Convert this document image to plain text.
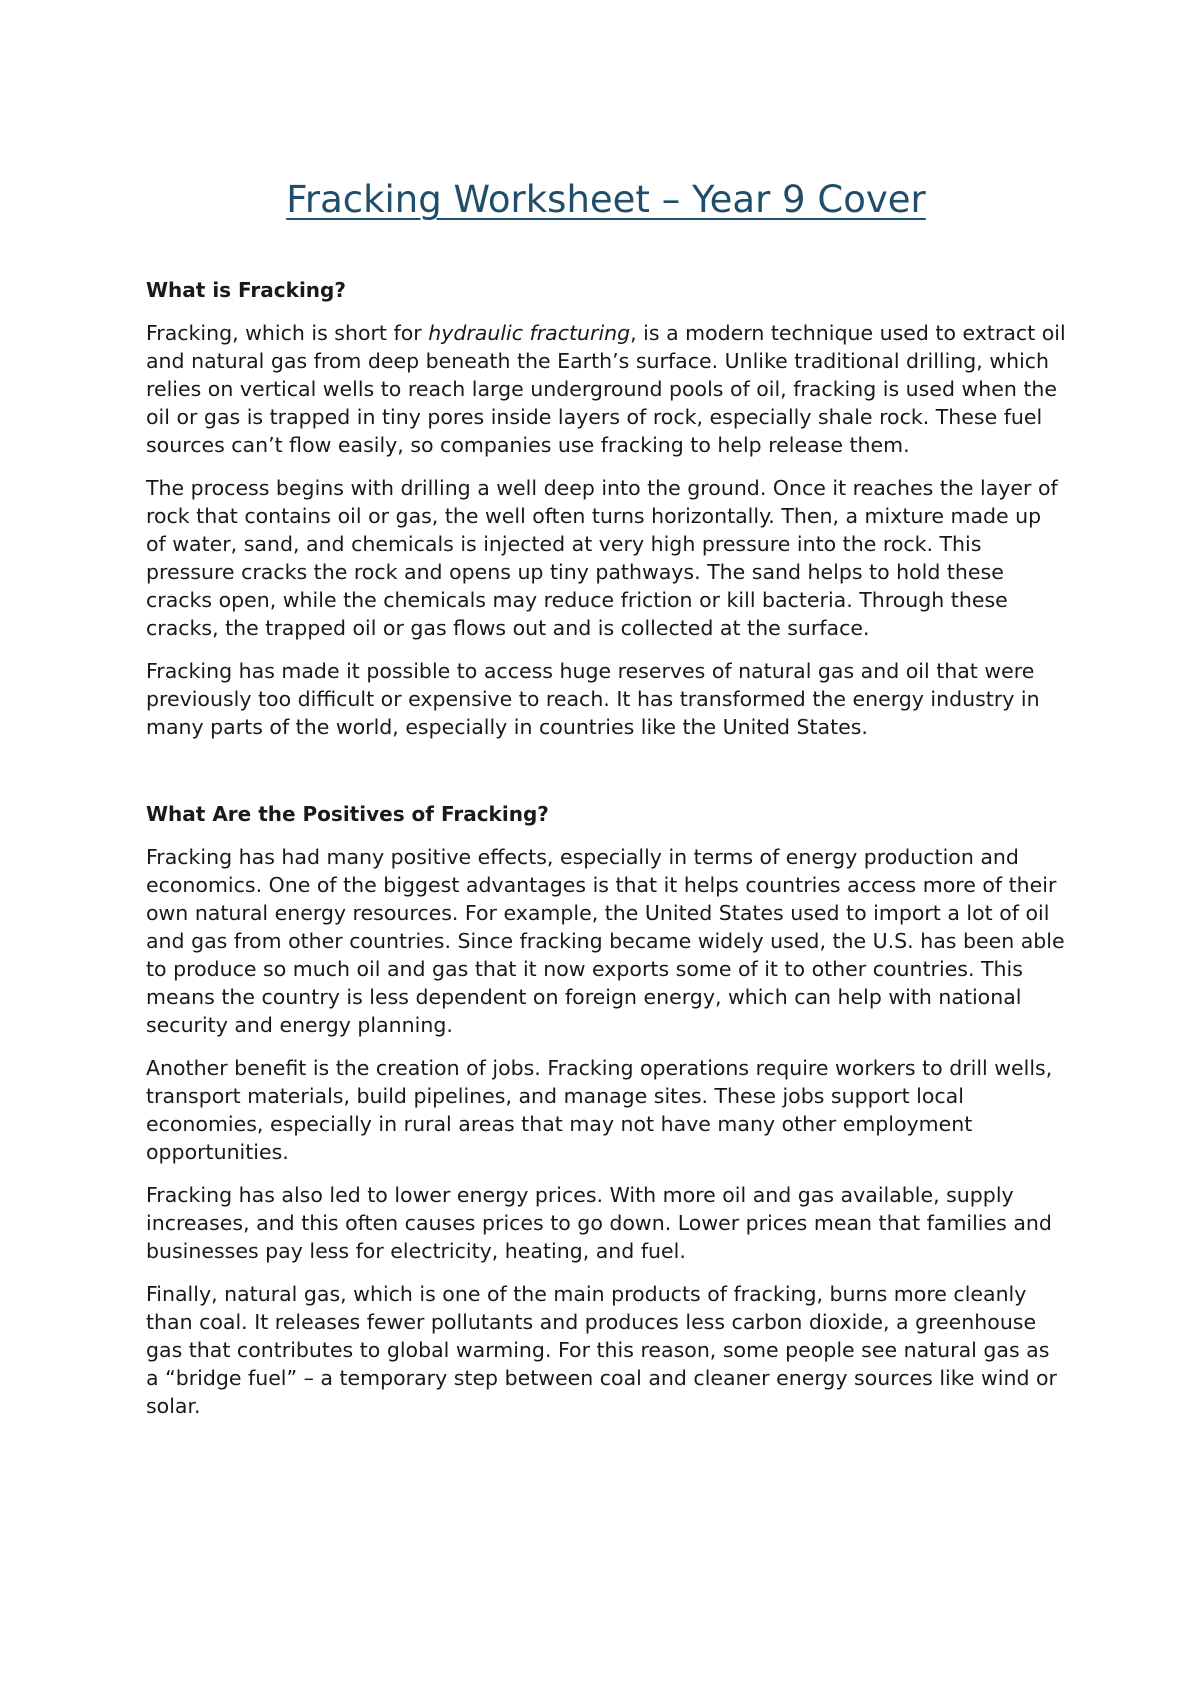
Fracking Worksheet – Year 9 Cover
What is Fracking?

Fracking, which is short for hydraulic fracturing, is a modern technique used to extract oil and natural gas from deep beneath the Earth’s surface. Unlike traditional drilling, which relies on vertical wells to reach large underground pools of oil, fracking is used when the oil or gas is trapped in tiny pores inside layers of rock, especially shale rock. These fuel sources can’t flow easily, so companies use fracking to help release them.

The process begins with drilling a well deep into the ground. Once it reaches the layer of rock that contains oil or gas, the well often turns horizontally. Then, a mixture made up of water, sand, and chemicals is injected at very high pressure into the rock. This pressure cracks the rock and opens up tiny pathways. The sand helps to hold these cracks open, while the chemicals may reduce friction or kill bacteria. Through these cracks, the trapped oil or gas flows out and is collected at the surface.

Fracking has made it possible to access huge reserves of natural gas and oil that were previously too difficult or expensive to reach. It has transformed the energy industry in many parts of the world, especially in countries like the United States.

What Are the Positives of Fracking?

Fracking has had many positive effects, especially in terms of energy production and economics. One of the biggest advantages is that it helps countries access more of their own natural energy resources. For example, the United States used to import a lot of oil and gas from other countries. Since fracking became widely used, the U.S. has been able to produce so much oil and gas that it now exports some of it to other countries. This means the country is less dependent on foreign energy, which can help with national security and energy planning.

Another benefit is the creation of jobs. Fracking operations require workers to drill wells, transport materials, build pipelines, and manage sites. These jobs support local economies, especially in rural areas that may not have many other employment opportunities.

Fracking has also led to lower energy prices. With more oil and gas available, supply increases, and this often causes prices to go down. Lower prices mean that families and businesses pay less for electricity, heating, and fuel.

Finally, natural gas, which is one of the main products of fracking, burns more cleanly than coal. It releases fewer pollutants and produces less carbon dioxide, a greenhouse gas that contributes to global warming. For this reason, some people see natural gas as a “bridge fuel” – a temporary step between coal and cleaner energy sources like wind or solar.
